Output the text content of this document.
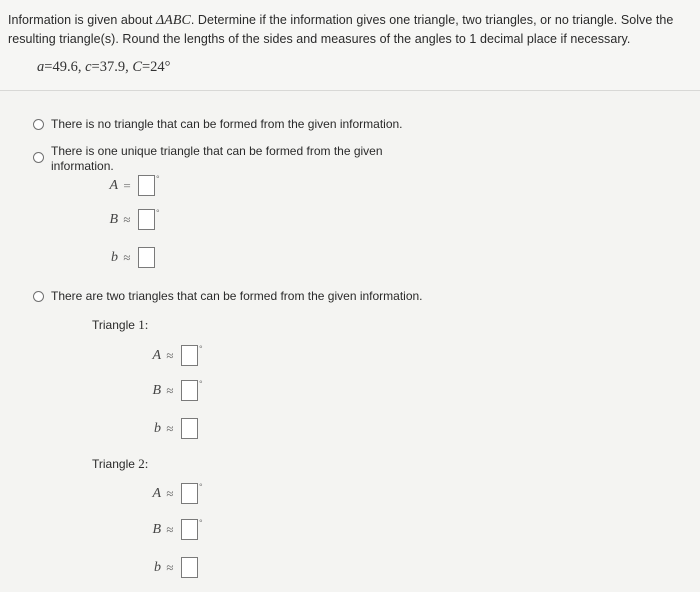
Information is given about ΔABC. Determine if the information gives one triangle, two triangles, or no triangle. Solve the resulting triangle(s). Round the lengths of the sides and measures of the angles to 1 decimal place if necessary.
a=49.6, c=37.9, C=24°
There is no triangle that can be formed from the given information.
There is one unique triangle that can be formed from the given
information.
A =	°
B ≈	°
b ≈
There are two triangles that can be formed from the given information.
Triangle 1:
A ≈	°
B ≈	°
b ≈
Triangle 2:
A ≈	°
B ≈	°
b ≈
